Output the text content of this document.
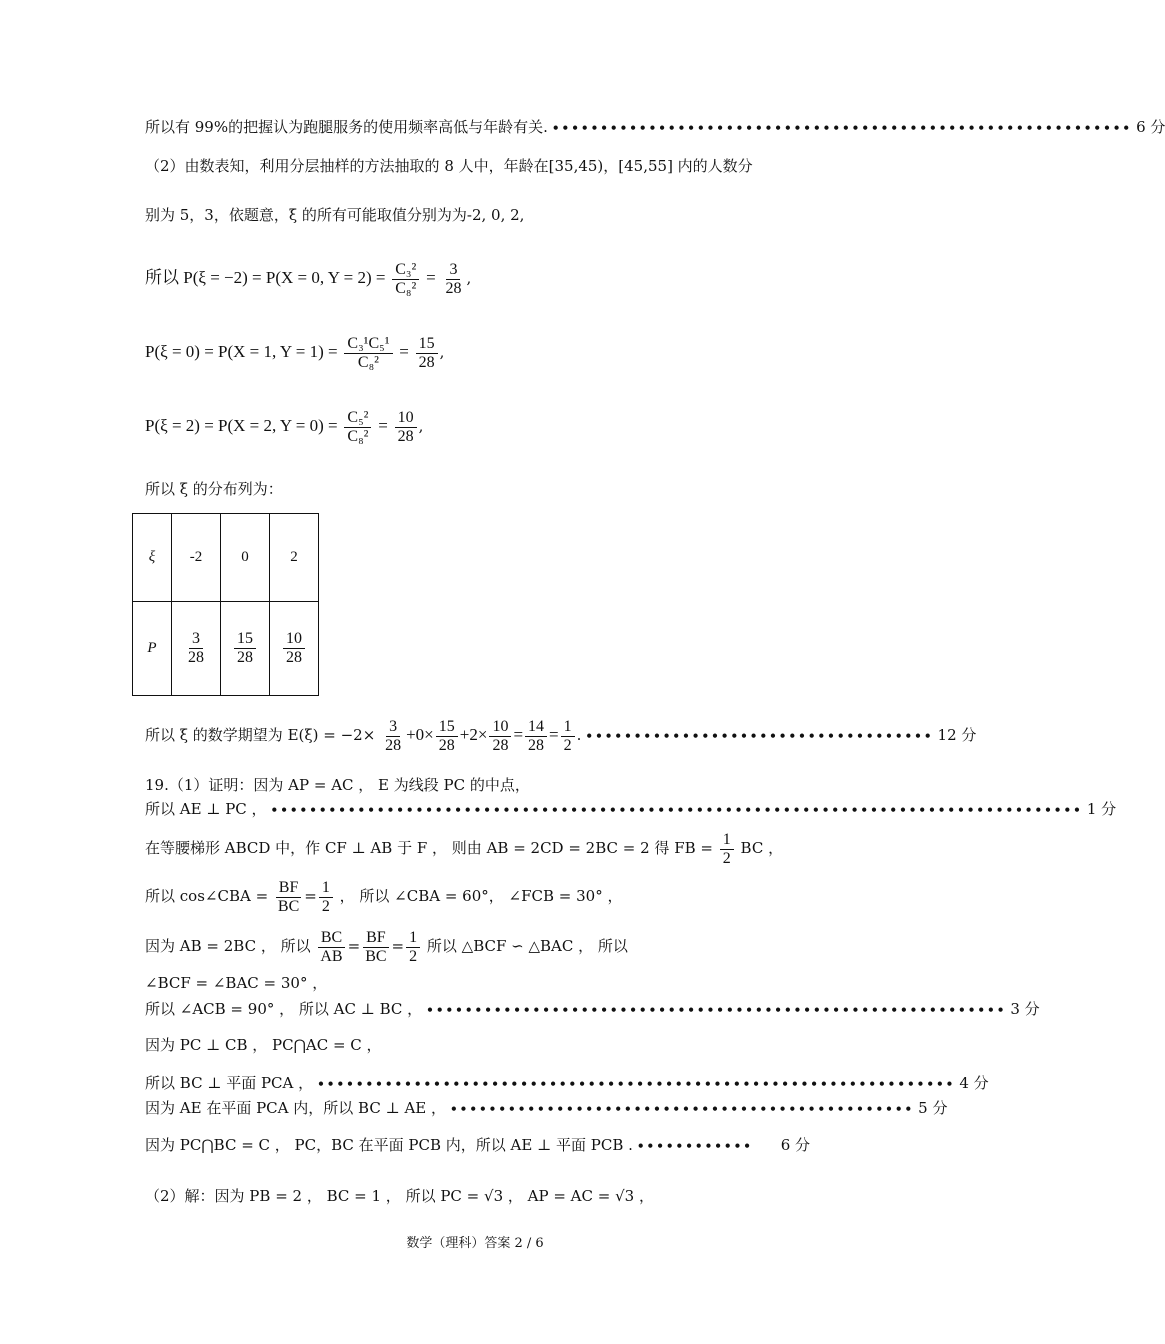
所以有 99%的把握认为跑腿服务的使用频率高低与年龄有关. •••••••••••••••••••••••••••••••••••••••••••••••••••••••••••• 6 分
（2）由数表知，利用分层抽样的方法抽取的 8 人中，年龄在[35,45)，[45,55] 内的人数分
别为 5，3，依题意，ξ 的所有可能取值分别为为-2, 0, 2,
所以 P(ξ = −2) = P(X = 0, $Y = 2) = \frac{\text{C₃²}}{\text{C₈²}} = \frac{3}{28}$ ,
P(ξ = 0) = P(X = 1, $Y = 1) = \frac{\text{C₃¹C₅¹}}{\text{C₈²}} = \frac{15}{28}$ ,
P(ξ = 2) = P(X = 2, $Y = 0) = \frac{\text{C₅²}}{\text{C₈²}} = \frac{10}{28}$ ,
所以 ξ 的分布列为：
ξ	-2	0	2
P	$\frac{3}{28}$	$\frac{15}{28}$	$\frac{10}{28}$
所以 ξ 的数学期望为 $E(\xi) = -2\times \frac{3}{28} +0\times \frac{15}{28} +2\times \frac{10}{28} = \frac{14}{28} = \frac{1}{2}$ . •••••••••••••••••••••••••••••••••••• 12 分
19.（1）证明：因为 AP = AC ， E 为线段 PC 的中点，
所以 AE ⊥ PC ， •••••••••••••••••••••••••••••••••••••••••••••••••••••••••••••••••••••••••••••••••••• 1 分
在等腰梯形 ABCD 中，作 CF ⊥ AB 于 F ， 则由 AB = 2CD = 2BC = 2 得 FB = $\frac{1}{2}$ BC ，
所以 cos∠CBA = $\frac{BF}{BC} = \frac{1}{2}$ ， 所以 ∠CBA = 60°， ∠FCB = 30° ，
因为 AB = 2BC ， 所以 $\frac{BC}{AB} = \frac{BF}{BC} = \frac{1}{2}$ 所以 △BCF ∽ △BAC ， 所以
∠BCF = ∠BAC = 30° ，
所以 ∠ACB = 90° ， 所以 AC ⊥ BC ， •••••••••••••••••••••••••••••••••••••••••••••••••••••••••••• 3 分
因为 PC ⊥ CB ， PC⋂AC = C ，
所以 BC ⊥ 平面 PCA ， •••••••••••••••••••••••••••••••••••••••••••••••••••••••••••••••••• 4 分
因为 AE 在平面 PCA 内，所以 BC ⊥ AE ， •••••••••••••••••••••••••••••••••••••••••••••••• 5 分
因为 PC⋂BC = C ， PC，BC 在平面 PCB 内，所以 AE ⊥ 平面 PCB . ••••••••••••	6 分
（2）解：因为 PB = 2 ， BC = 1 ， 所以 PC = √3 ， AP = AC = √3 ，
数学（理科）答案 2 / 6
